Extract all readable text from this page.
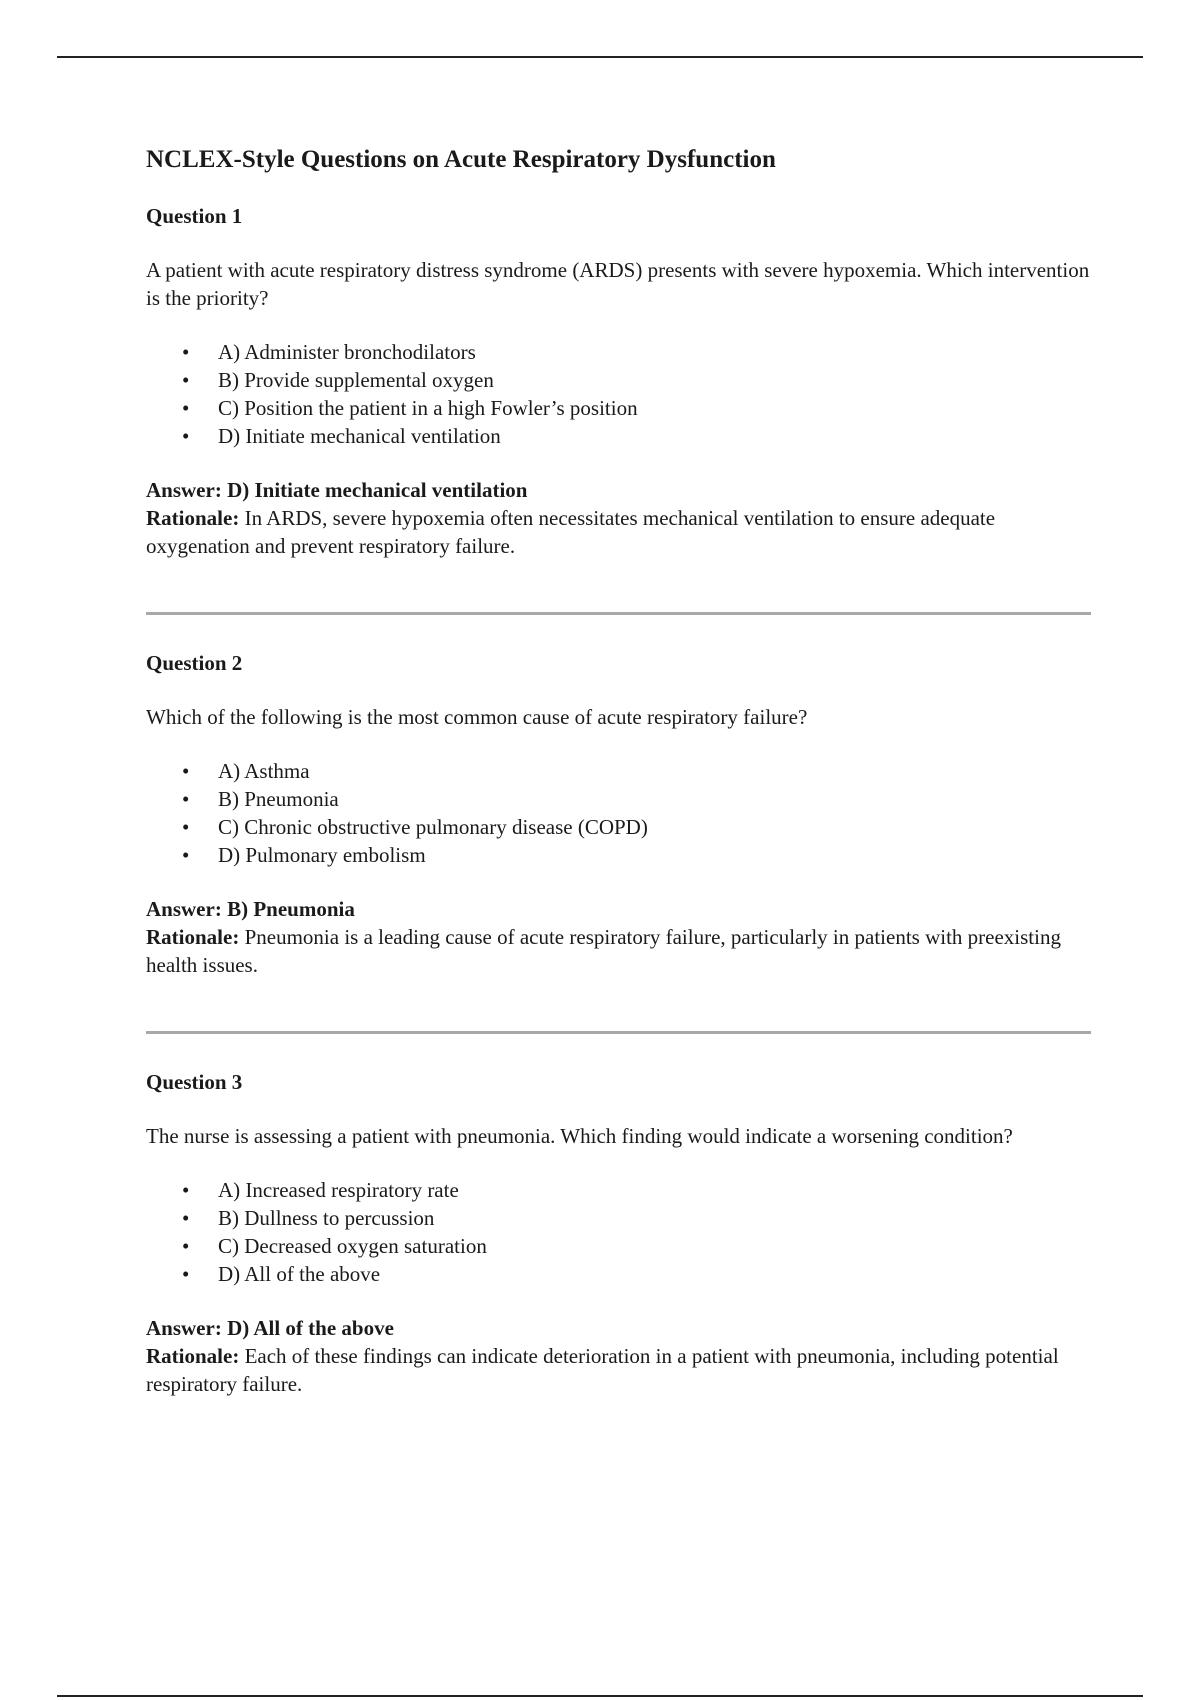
NCLEX-Style Questions on Acute Respiratory Dysfunction
Question 1

A patient with acute respiratory distress syndrome (ARDS) presents with severe hypoxemia. Which intervention is the priority?

• A) Administer bronchodilators
• B) Provide supplemental oxygen
• C) Position the patient in a high Fowler’s position
• D) Initiate mechanical ventilation

Answer: D) Initiate mechanical ventilation

Rationale: In ARDS, severe hypoxemia often necessitates mechanical ventilation to ensure adequate oxygenation and prevent respiratory failure.

Question 2

Which of the following is the most common cause of acute respiratory failure?

• A) Asthma
• B) Pneumonia
• C) Chronic obstructive pulmonary disease (COPD)
• D) Pulmonary embolism

Answer: B) Pneumonia

Rationale: Pneumonia is a leading cause of acute respiratory failure, particularly in patients with preexisting health issues.

Question 3

The nurse is assessing a patient with pneumonia. Which finding would indicate a worsening condition?

• A) Increased respiratory rate
• B) Dullness to percussion
• C) Decreased oxygen saturation
• D) All of the above

Answer: D) All of the above

Rationale: Each of these findings can indicate deterioration in a patient with pneumonia, including potential respiratory failure.
